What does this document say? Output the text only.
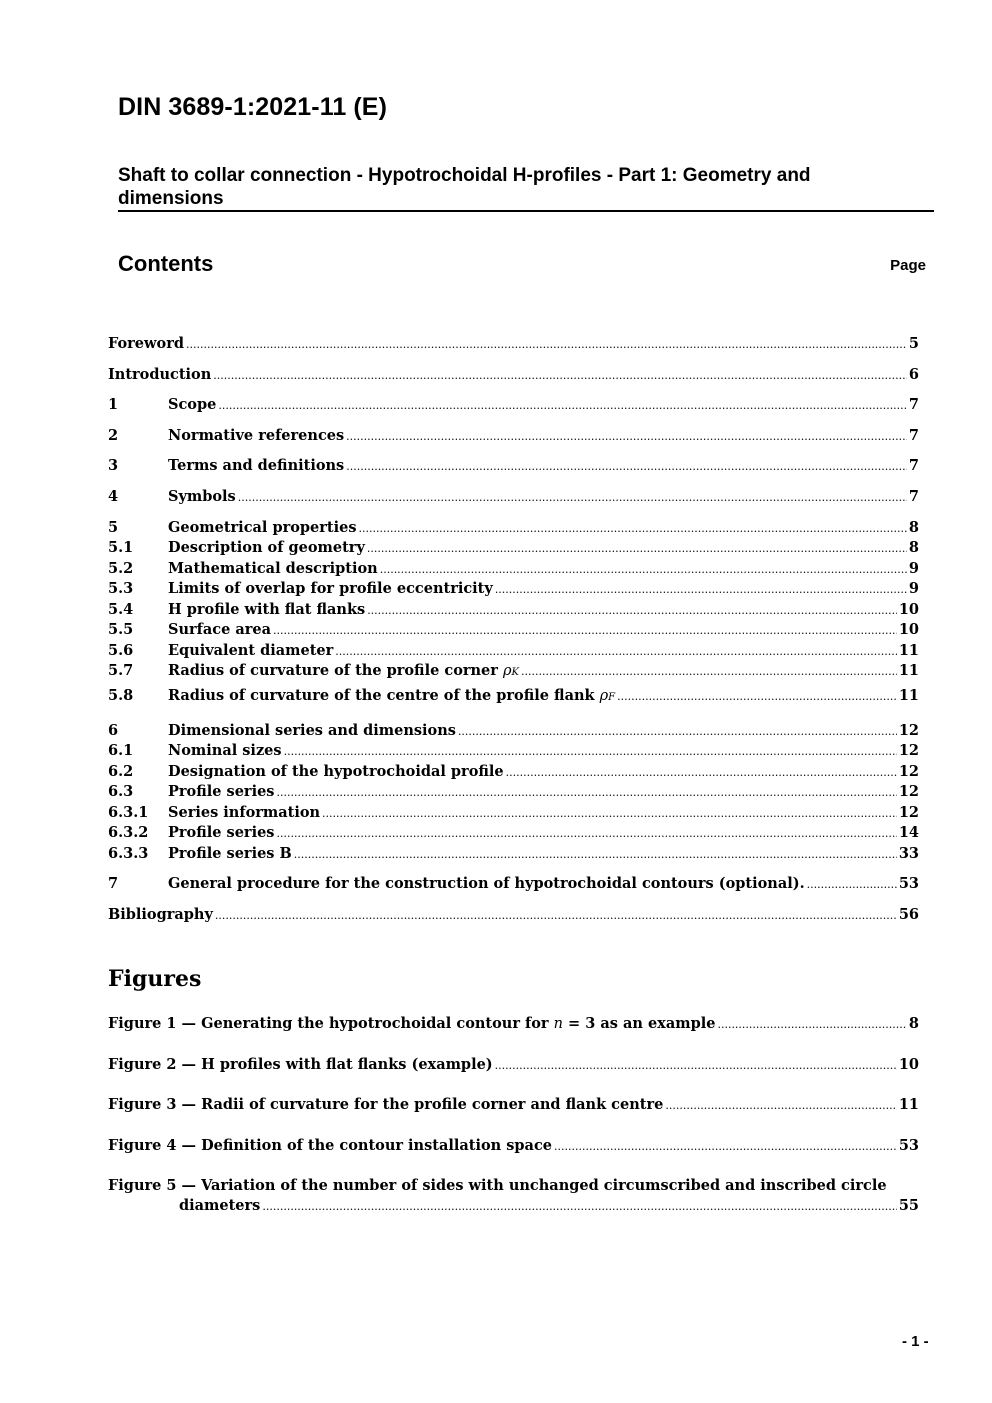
DIN 3689-1:2021-11 (E)
Shaft to collar connection - Hypotrochoidal H-profiles - Part 1: Geometry and dimensions
Contents	Page
Foreword .....	5
Introduction .....	6
1	Scope .....	7
2	Normative references .....	7
3	Terms and definitions .....	7
4	Symbols .....	7
5	Geometrical properties .....	8
5.1	Description of geometry .....	8
5.2	Mathematical description .....	9
5.3	Limits of overlap for profile eccentricity .....	9
5.4	H profile with flat flanks .....	10
5.5	Surface area .....	10
5.6	Equivalent diameter .....	11
5.7	Radius of curvature of the profile corner
ρ K .....	11
5.8	Radius of curvature of the centre of the profile flank
ρ F .....	11
6	Dimensional series and dimensions .....	12
6.1	Nominal sizes .....	12
6.2	Designation of the hypotrochoidal profile .....	12
6.3	Profile series .....	12
6.3.1	Series information .....	12
6.3.2	Profile series .....	14
6.3.3	Profile series B .....	33
7	General procedure for the construction of hypotrochoidal contours (optional). .....	53
Bibliography .....	56
Figures
Figure 1 — Generating the hypotrochoidal contour for
n
= 3 as an example .....	8
Figure 2 — H profiles with flat flanks (example) .....	10
Figure 3 — Radii of curvature for the profile corner and flank centre .....	11
Figure 4 — Definition of the contour installation space .....	53
Figure 5 — Variation of the number of sides with unchanged circumscribed and inscribed circle
diameters .....	55
- 1 -
